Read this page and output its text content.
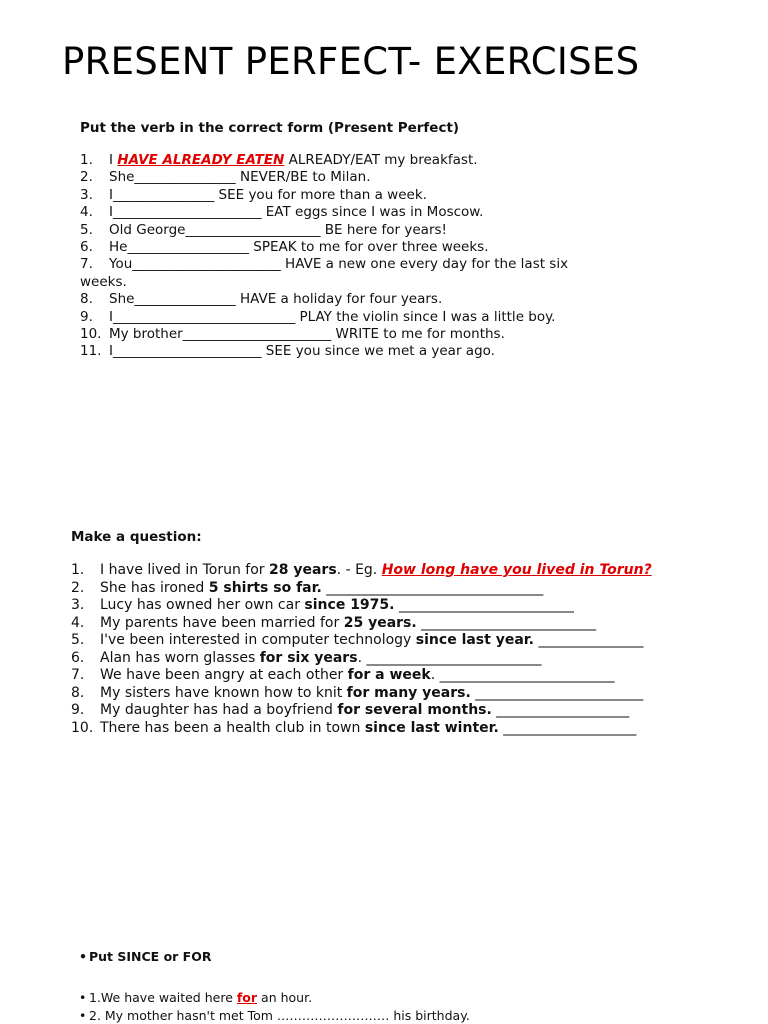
PRESENT PERFECT- EXERCISES

Put the verb in the correct form (Present Perfect)

1.	I HAVE ALREADY EATEN ALREADY/EAT my breakfast.
2.	She_______________ NEVER/BE to Milan.
3.	I_______________ SEE you for more than a week.
4.	I______________________ EAT eggs since I was in Moscow.
5.	Old George____________________ BE here for years!
6.	He__________________ SPEAK to me for over three weeks.
7.	You______________________ HAVE a new one every day for the last six
weeks.
8.	She_______________ HAVE a holiday for four years.
9.	I___________________________ PLAY the violin since I was a little boy.
10. My brother______________________ WRITE to me for months.
11. I______________________ SEE you since we met a year ago.

Make a question:

1.	I have lived in Torun for 28 years. - Eg. How long have you lived in Torun?
2.	She has ironed 5 shirts so far. _______________________________
3.	Lucy has owned her own car since 1975. _________________________
4.	My parents have been married for 25 years. _________________________
5.	I've been interested in computer technology since last year. _______________
6.	Alan has worn glasses for six years. _________________________
7.	We have been angry at each other for a week. _________________________
8.	My sisters have known how to knit for many years. ________________________
9.	My daughter has had a boyfriend for several months. ___________________
10. There has been a health club in town since last winter. ___________________

• Put SINCE or FOR

• 1.We have waited here for an hour.
• 2. My mother hasn't met Tom ……………………… his birthday.
